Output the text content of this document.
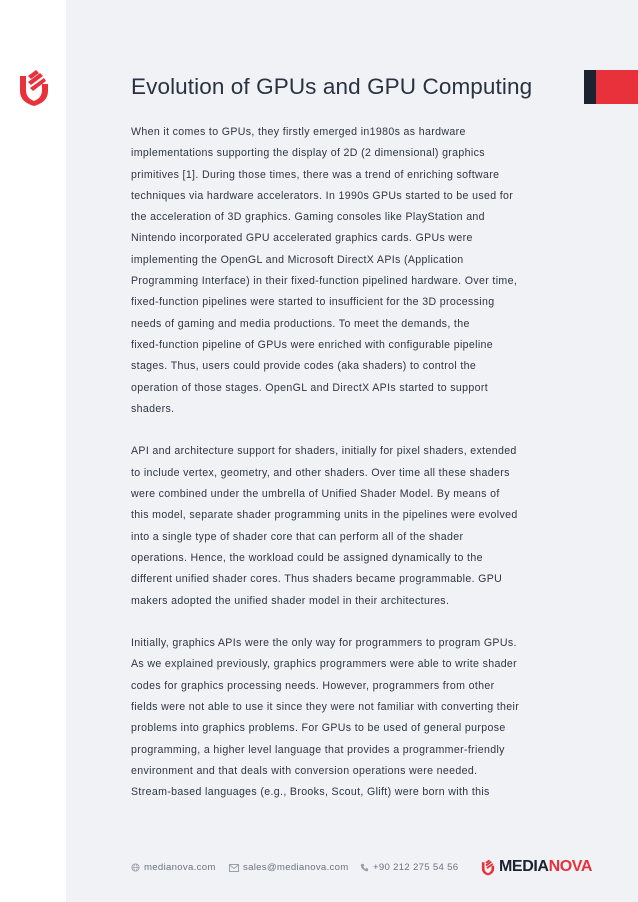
Evolution of GPUs and GPU Computing
When it comes to GPUs, they firstly emerged in1980s as hardware
implementations supporting the display of 2D (2 dimensional) graphics
primitives [1]. During those times, there was a trend of enriching software
techniques via hardware accelerators. In 1990s GPUs started to be used for
the acceleration of 3D graphics. Gaming consoles like PlayStation and
Nintendo incorporated GPU accelerated graphics cards. GPUs were
implementing the OpenGL and Microsoft DirectX APIs (Application
Programming Interface) in their fixed-function pipelined hardware. Over time,
fixed-function pipelines were started to insufficient for the 3D processing
needs of gaming and media productions. To meet the demands, the
fixed-function pipeline of GPUs were enriched with configurable pipeline
stages. Thus, users could provide codes (aka shaders) to control the
operation of those stages. OpenGL and DirectX APIs started to support
shaders.
API and architecture support for shaders, initially for pixel shaders, extended
to include vertex, geometry, and other shaders. Over time all these shaders
were combined under the umbrella of Unified Shader Model. By means of
this model, separate shader programming units in the pipelines were evolved
into a single type of shader core that can perform all of the shader
operations. Hence, the workload could be assigned dynamically to the
different unified shader cores. Thus shaders became programmable. GPU
makers adopted the unified shader model in their architectures.
Initially, graphics APIs were the only way for programmers to program GPUs.
As we explained previously, graphics programmers were able to write shader
codes for graphics processing needs. However, programmers from other
fields were not able to use it since they were not familiar with converting their
problems into graphics problems. For GPUs to be used of general purpose
programming, a higher level language that provides a programmer-friendly
environment and that deals with conversion operations were needed.
Stream-based languages (e.g., Brooks, Scout, Glift) were born with this
medianova.com	sales@medianova.com	+90 212 275 54 56	MEDIANOVA
